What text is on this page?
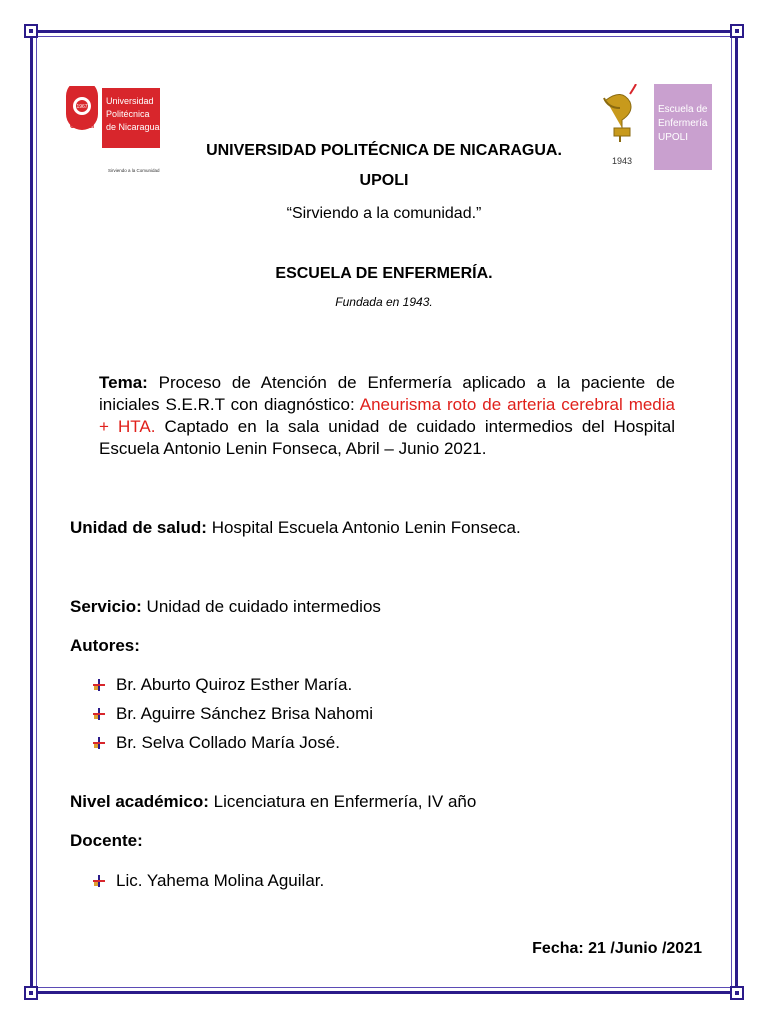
1967
UPOLI
Universidad
Politécnica
de Nicaragua
Sirviendo a la Comunidad
1943
Escuela de
Enfermería
UPOLI
UNIVERSIDAD POLITÉCNICA DE NICARAGUA.
UPOLI
“Sirviendo a la comunidad.”
ESCUELA DE ENFERMERÍA.
Fundada en 1943.
Tema: Proceso de Atención de Enfermería aplicado a la paciente de iniciales S.E.R.T con diagnóstico: Aneurisma roto de arteria cerebral media + HTA. Captado en la sala unidad de cuidado intermedios del Hospital Escuela Antonio Lenin Fonseca, Abril – Junio 2021.
Unidad de salud: Hospital Escuela Antonio Lenin Fonseca.
Servicio: Unidad de cuidado intermedios
Autores:
Br. Aburto Quiroz Esther María.
Br. Aguirre Sánchez Brisa Nahomi
Br. Selva Collado María José.
Nivel académico: Licenciatura en Enfermería, IV año
Docente:
Lic. Yahema Molina Aguilar.
Fecha: 21 /Junio /2021
